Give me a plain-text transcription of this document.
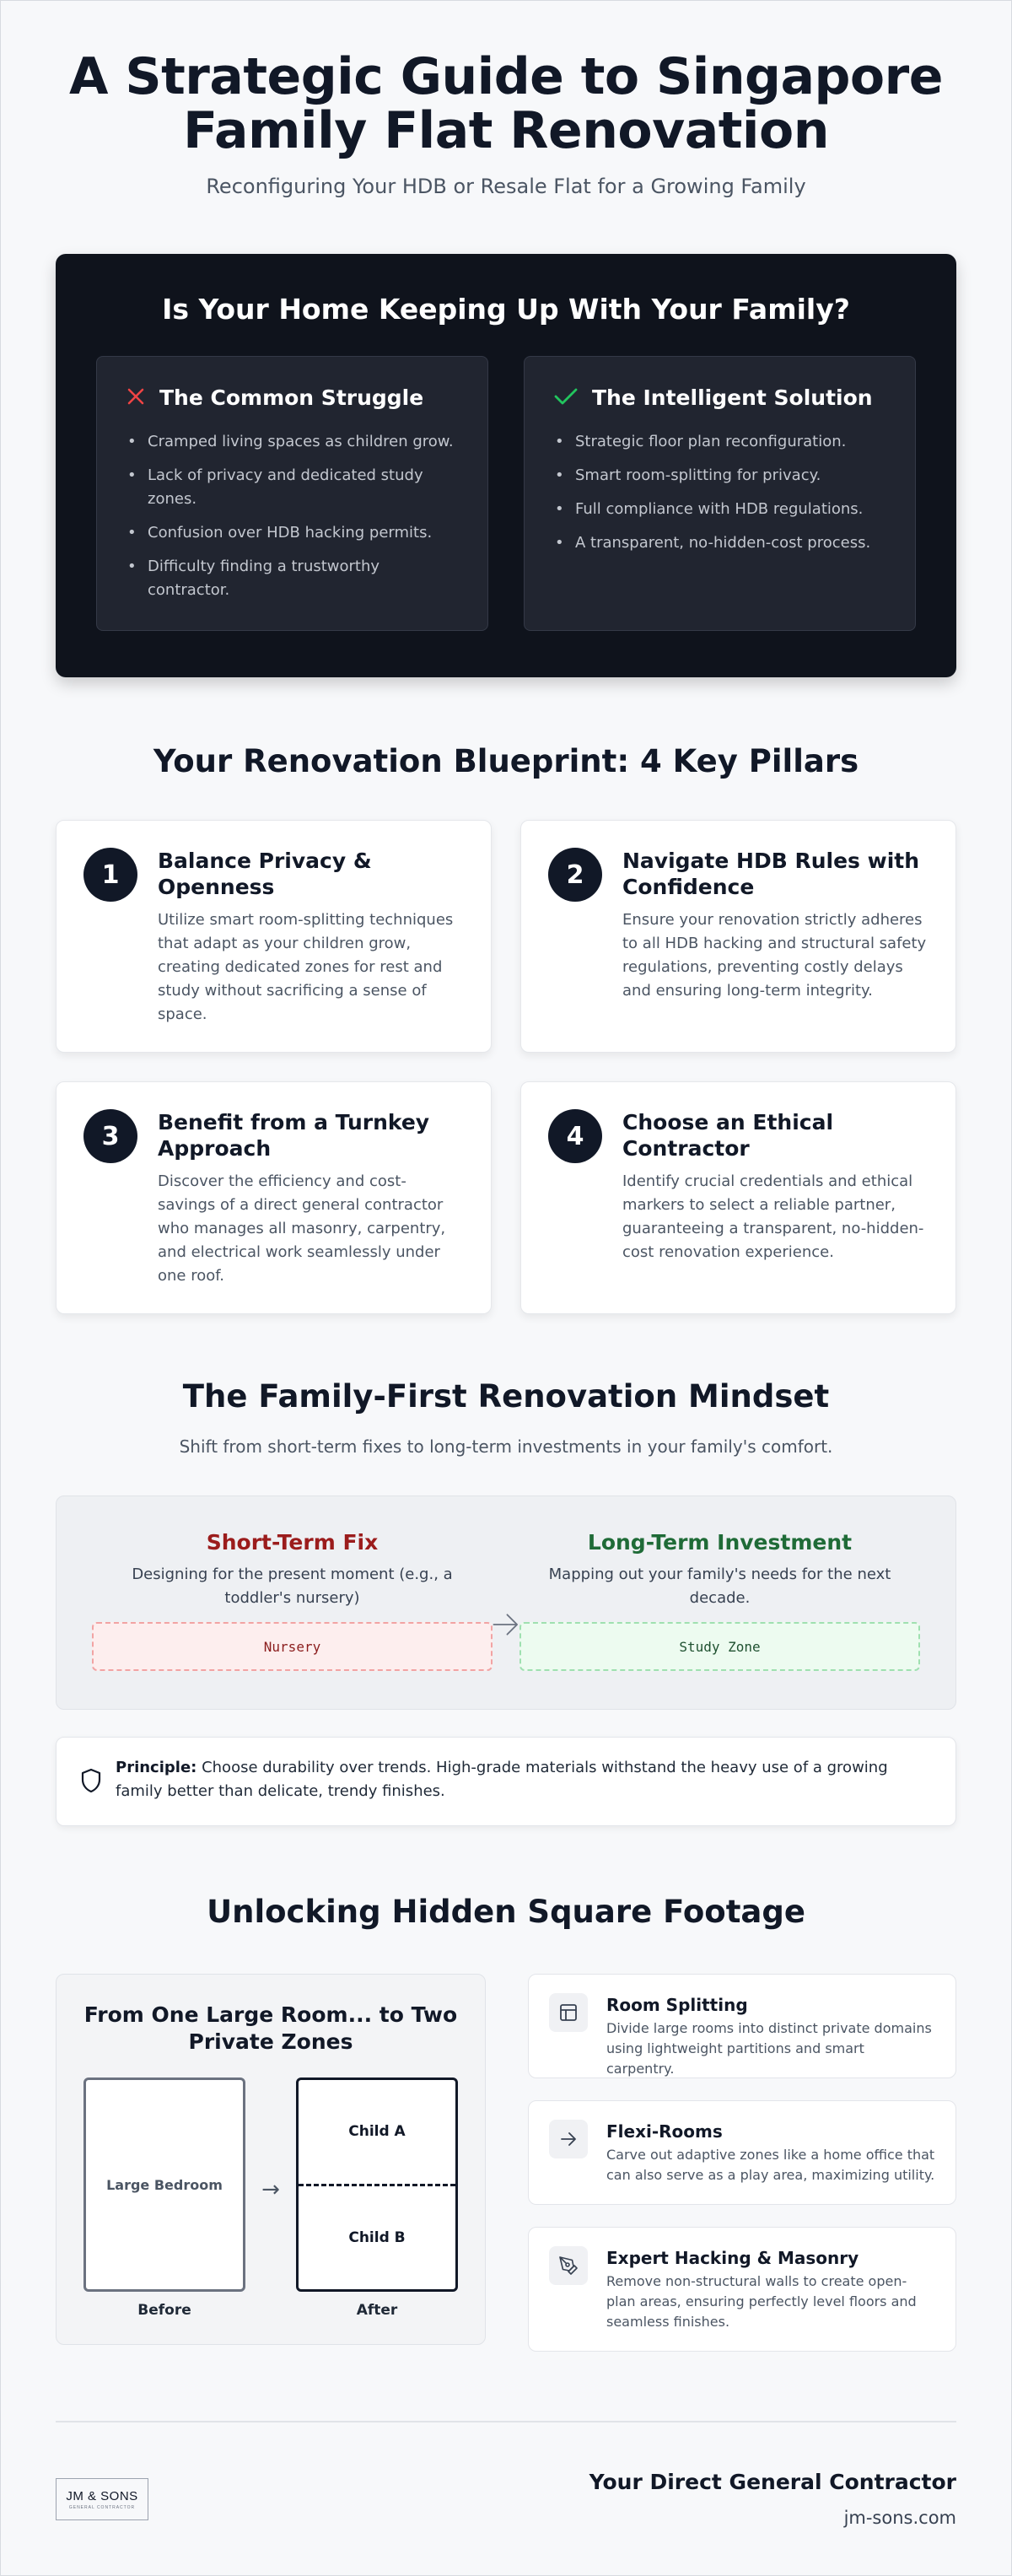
A Strategic Guide to Singapore
Family Flat Renovation

Reconfiguring Your HDB or Resale Flat for a Growing Family

Is Your Home Keeping Up With Your Family?
The Common Struggle
• Cramped living spaces as children grow.
• Lack of privacy and dedicated study zones.
• Confusion over HDB hacking permits.
• Difficulty finding a trustworthy contractor.
The Intelligent Solution
• Strategic floor plan reconfiguration.
• Smart room-splitting for privacy.
• Full compliance with HDB regulations.
• A transparent, no-hidden-cost process.
Your Renovation Blueprint: 4 Key Pillars
1	Balance Privacy & Openness
Utilize smart room-splitting techniques that adapt as your children grow, creating dedicated zones for rest and study without sacrificing a sense of space.
2	Navigate HDB Rules with Confidence
Ensure your renovation strictly adheres to all HDB hacking and structural safety regulations, preventing costly delays and ensuring long-term integrity.
3	Benefit from a Turnkey Approach
Discover the efficiency and cost-savings of a direct general contractor who manages all masonry, carpentry, and electrical work seamlessly under one roof.
4	Choose an Ethical Contractor
Identify crucial credentials and ethical markers to select a reliable partner, guaranteeing a transparent, no-hidden-cost renovation experience.
The Family-First Renovation Mindset

Shift from short-term fixes to long-term investments in your family's comfort.

Short-Term Fix

Designing for the present moment (e.g., a toddler's nursery)

Nursery
Long-Term Investment

Mapping out your family's needs for the next decade.

Study Zone

Principle: Choose durability over trends. High-grade materials withstand the heavy use of a growing family better than delicate, trendy finishes.

Unlocking Hidden Square Footage
From One Large Room... to Two Private Zones
Large Bedroom
Before
→
Child A
Child B
After
Room Splitting
Divide large rooms into distinct private domains using lightweight partitions and smart carpentry.
Flexi-Rooms
Carve out adaptive zones like a home office that can also serve as a play area, maximizing utility.
Expert Hacking & Masonry
Remove non-structural walls to create open-plan areas, ensuring perfectly level floors and seamless finishes.
JM & SONS
GENERAL CONTRACTOR
Your Direct General Contractor
jm-sons.com
